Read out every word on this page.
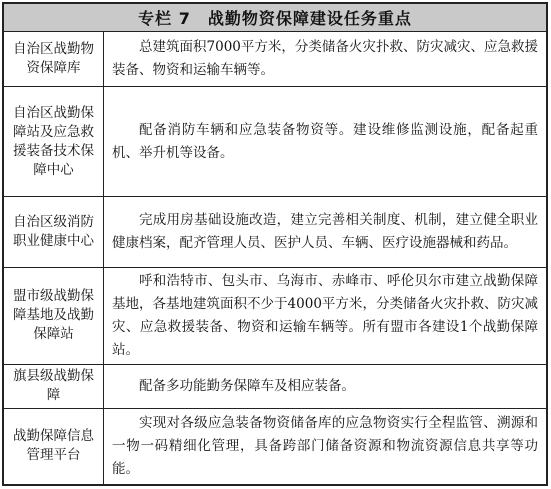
专栏 7　战勤物资保障建设任务重点	
自治区战勤物资保障库	总建筑面积7000平方米，分类储备火灾扑救、防灾减灾、应急救援装备、物资和运输车辆等。
自治区战勤保障站及应急救援装备技术保障中心	配备消防车辆和应急装备物资等。建设维修监测设施，配备起重机、举升机等设备。
自治区级消防职业健康中心	完成用房基础设施改造，建立完善相关制度、机制，建立健全职业健康档案，配齐管理人员、医护人员、车辆、医疗设施器械和药品。
盟市级战勤保障基地及战勤保障站	呼和浩特市、包头市、乌海市、赤峰市、呼伦贝尔市建立战勤保障基地，各基地建筑面积不少于4000平方米，分类储备火灾扑救、防灾减灾、应急救援装备、物资和运输车辆等。所有盟市各建设1个战勤保障站。
旗县级战勤保障	配备多功能勤务保障车及相应装备。
战勤保障信息管理平台	实现对各级应急装备物资储备库的应急物资实行全程监管、溯源和一物一码精细化管理，具备跨部门储备资源和物流资源信息共享等功能。
